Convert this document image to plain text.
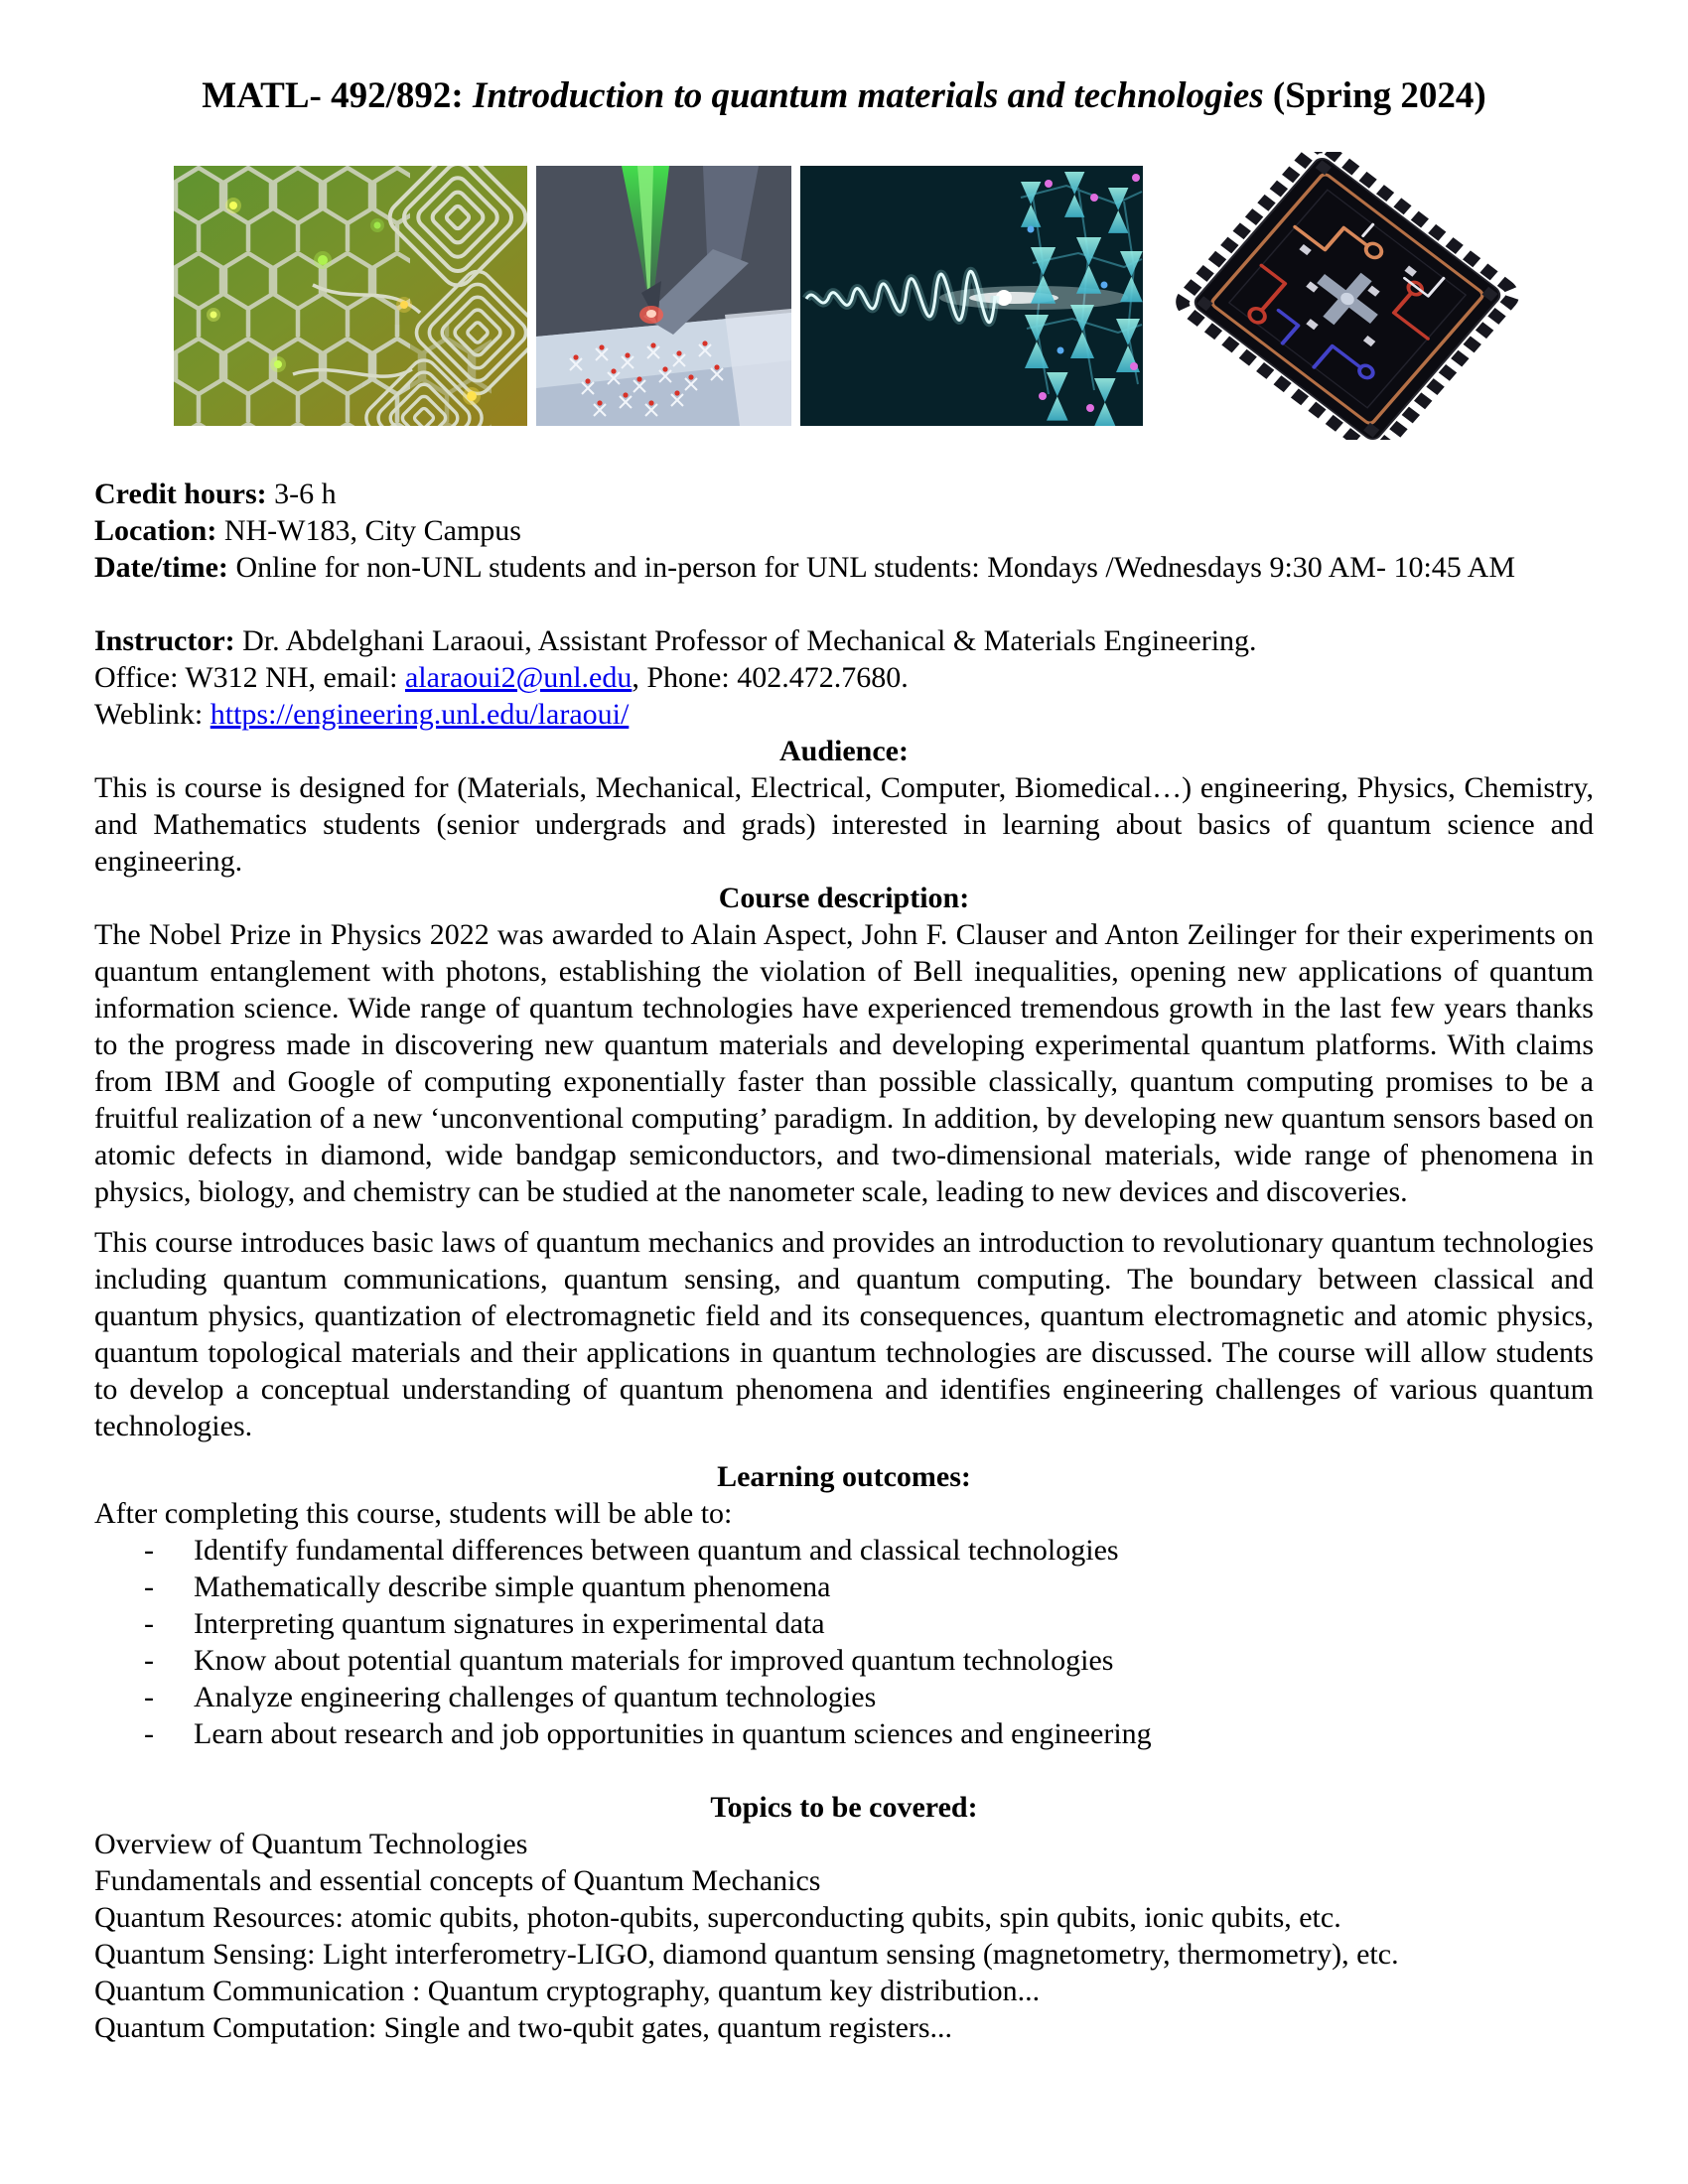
MATL- 492/892: Introduction to quantum materials and technologies (Spring 2024)
Credit hours: 3-6 h
Location: NH-W183, City Campus
Date/time: Online for non-UNL students and in-person for UNL students: Mondays /Wednesdays 9:30 AM- 10:45 AM
Instructor: Dr. Abdelghani Laraoui, Assistant Professor of Mechanical & Materials Engineering.
Office: W312 NH, email: alaraoui2@unl.edu, Phone: 402.472.7680.
Weblink: https://engineering.unl.edu/laraoui/
Audience:

This is course is designed for (Materials, Mechanical, Electrical, Computer, Biomedical…) engineering, Physics, Chemistry, and Mathematics students (senior undergrads and grads) interested in learning about basics of quantum science and engineering.

Course description:

The Nobel Prize in Physics 2022 was awarded to Alain Aspect, John F. Clauser and Anton Zeilinger for their experiments on quantum entanglement with photons, establishing the violation of Bell inequalities, opening new applications of quantum information science. Wide range of quantum technologies have experienced tremendous growth in the last few years thanks to the progress made in discovering new quantum materials and developing experimental quantum platforms. With claims from IBM and Google of computing exponentially faster than possible classically, quantum computing promises to be a fruitful realization of a new ‘unconventional computing’ paradigm. In addition, by developing new quantum sensors based on atomic defects in diamond, wide bandgap semiconductors, and two-dimensional materials, wide range of phenomena in physics, biology, and chemistry can be studied at the nanometer scale, leading to new devices and discoveries.

This course introduces basic laws of quantum mechanics and provides an introduction to revolutionary quantum technologies including quantum communications, quantum sensing, and quantum computing. The boundary between classical and quantum physics, quantization of electromagnetic field and its consequences, quantum electromagnetic and atomic physics, quantum topological materials and their applications in quantum technologies are discussed. The course will allow students to develop a conceptual understanding of quantum phenomena and identifies engineering challenges of various quantum technologies.

Learning outcomes:
After completing this course, students will be able to:
-	Identify fundamental differences between quantum and classical technologies
-	Mathematically describe simple quantum phenomena
-	Interpreting quantum signatures in experimental data
-	Know about potential quantum materials for improved quantum technologies
-	Analyze engineering challenges of quantum technologies
-	Learn about research and job opportunities in quantum sciences and engineering
Topics to be covered:
Overview of Quantum Technologies
Fundamentals and essential concepts of Quantum Mechanics
Quantum Resources: atomic qubits, photon-qubits, superconducting qubits, spin qubits, ionic qubits, etc.
Quantum Sensing: Light interferometry-LIGO, diamond quantum sensing (magnetometry, thermometry), etc.
Quantum Communication : Quantum cryptography, quantum key distribution...
Quantum Computation: Single and two-qubit gates, quantum registers...
